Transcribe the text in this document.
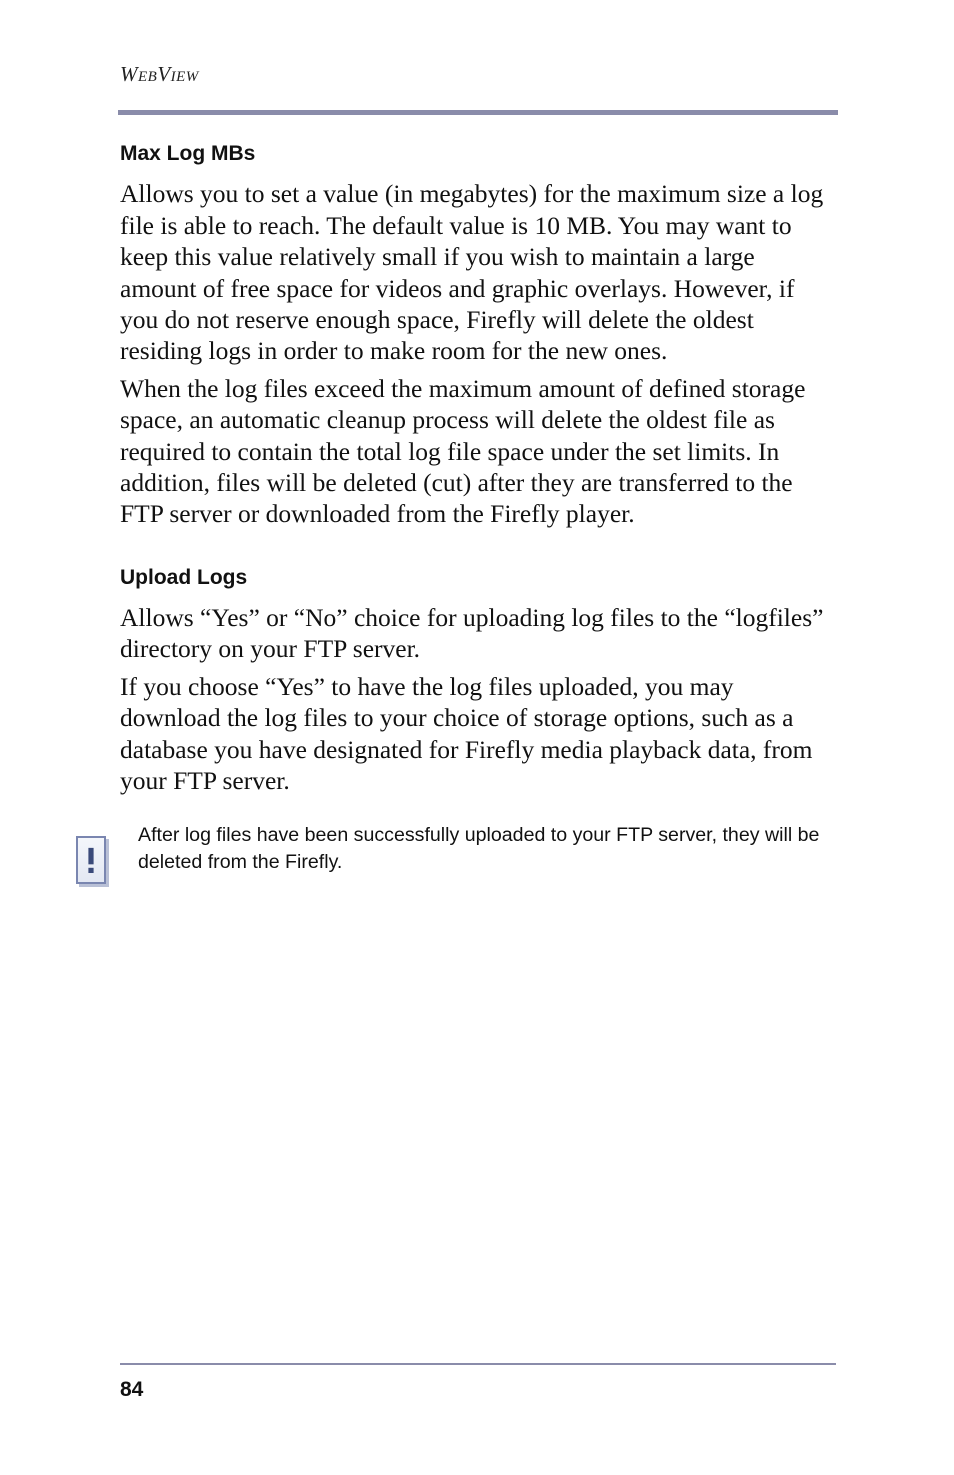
WebView
Max Log MBs

Allows you to set a value (in megabytes) for the maximum size a log file is able to reach. The default value is 10 MB. You may want to keep this value relatively small if you wish to maintain a large amount of free space for videos and graphic overlays. However, if you do not reserve enough space, Firefly will delete the oldest residing logs in order to make room for the new ones.

When the log files exceed the maximum amount of defined storage space, an automatic cleanup process will delete the oldest file as required to contain the total log file space under the set limits. In addition, files will be deleted (cut) after they are transferred to the FTP server or downloaded from the Firefly player.

Upload Logs

Allows “Yes” or “No” choice for uploading log files to the “logfiles” directory on your FTP server.

If you choose “Yes” to have the log files uploaded, you may download the log files to your choice of storage options, such as a database you have designated for Firefly media playback data, from your FTP server.

After log files have been successfully uploaded to your FTP server, they will be deleted from the Firefly.
84
